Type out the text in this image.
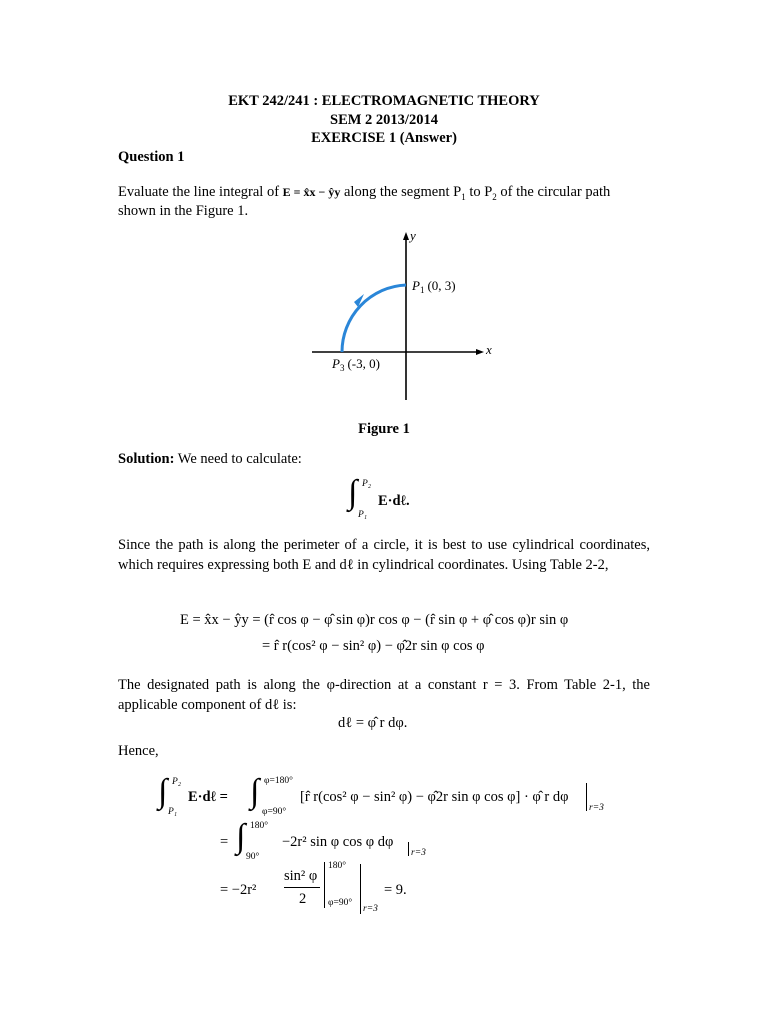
EKT 242/241 : ELECTROMAGNETIC THEORY
SEM 2 2013/2014
EXERCISE 1 (Answer)
Question 1
Evaluate the line integral of E = x̂x − ŷy along the segment $P_1$ to $P_2$ of the circular path
shown in the Figure 1.
y
x
$P_1$ (0, 3)
$P_3$ (-3, 0)
Figure 1
Solution: We need to calculate:
∫ P₂
P₁
E·dℓ.
Since the path is along the perimeter of a circle, it is best to use cylindrical coordinates, which requires expressing both E and dℓ in cylindrical coordinates. Using Table 2-2,
E = x̂x − ŷy = (r̂ cos φ − φ̂ sin φ)r cos φ − (r̂ sin φ + φ̂ cos φ)r sin φ
= r̂ r(cos² φ − sin² φ) − φ̂2r sin φ cos φ
The designated path is along the φ-direction at a constant r = 3. From Table 2-1, the applicable component of dℓ is:
dℓ = φ̂ r dφ.
Hence,
∫ P₂
P₁
E·dℓ = ∫ φ=180°
φ=90°
[r̂ r(cos² φ − sin² φ) − φ̂2r sin φ cos φ] · φ̂ r dφ
r=3
= ∫ 180°
90°
−2r² sin φ cos φ dφ
r=3
= −2r²
sin² φ
2
180°
φ=90°
r=3
= 9.
